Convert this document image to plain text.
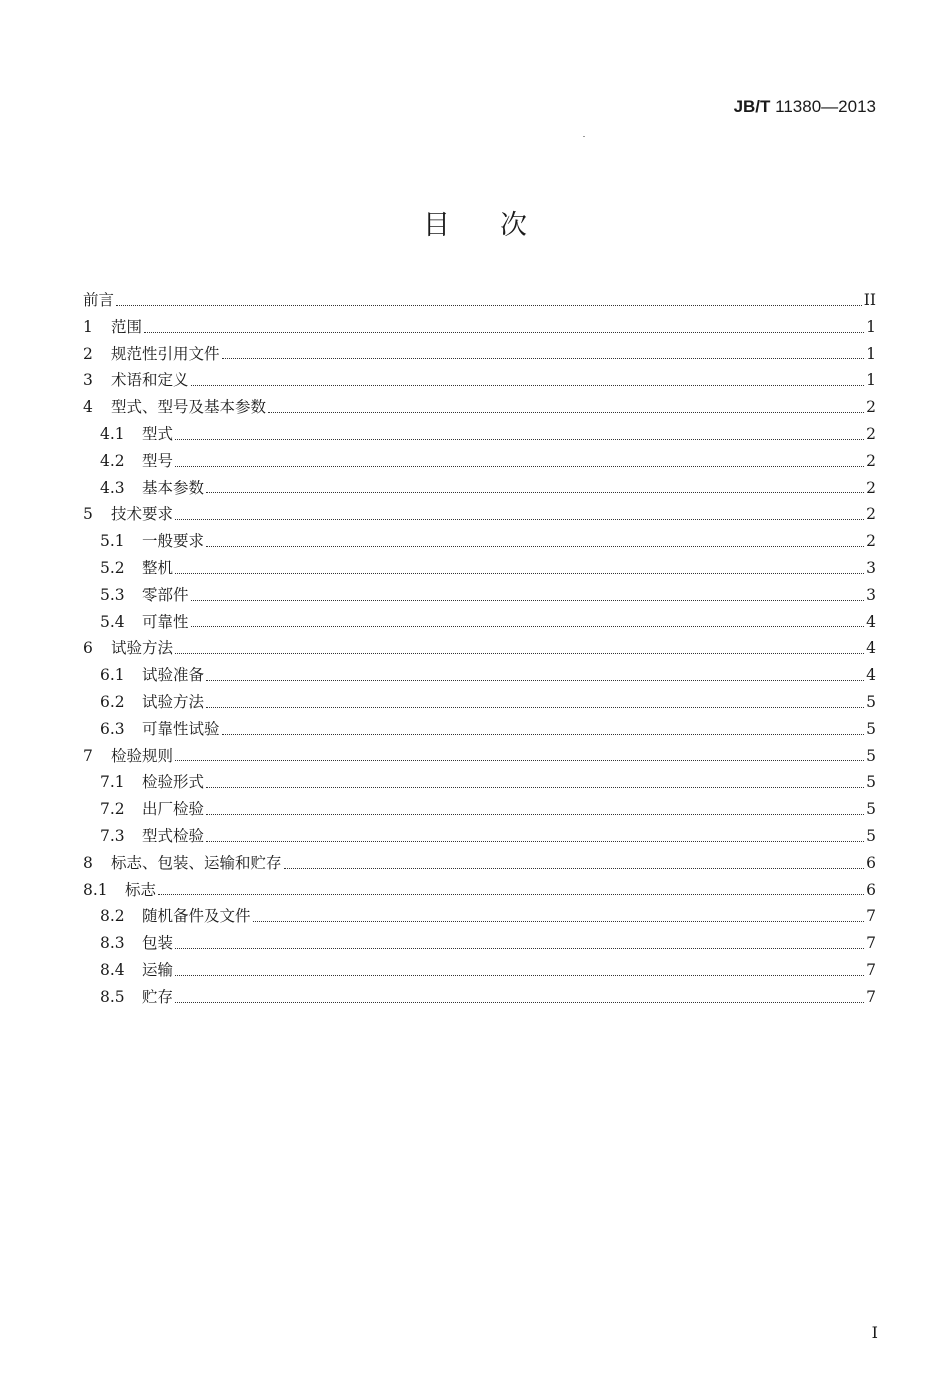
JB/T 11380—2013
目 次
前言	II
1	范围	1
2	规范性引用文件	1
3	术语和定义	1
4	型式、型号及基本参数	2
4.1	型式	2
4.2	型号	2
4.3	基本参数	2
5	技术要求	2
5.1	一般要求	2
5.2	整机	3
5.3	零部件	3
5.4	可靠性	4
6	试验方法	4
6.1	试验准备	4
6.2	试验方法	5
6.3	可靠性试验	5
7	检验规则	5
7.1	检验形式	5
7.2	出厂检验	5
7.3	型式检验	5
8	标志、包装、运输和贮存	6
8.1	标志	6
8.2	随机备件及文件	7
8.3	包装	7
8.4	运输	7
8.5	贮存	7
I
